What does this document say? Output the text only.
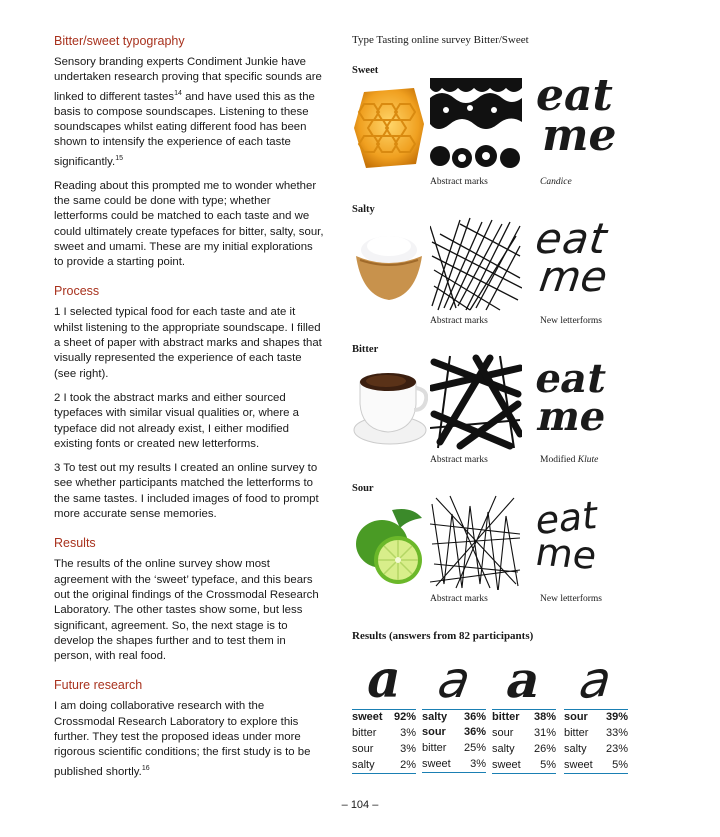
Bitter/sweet typography

Sensory branding experts Condiment Junkie have undertaken research proving that specific sounds are linked to different tastes$^{14}$ and have used this as the basis to compose soundscapes. Listening to these soundscapes whilst eating different food has been shown to intensify the experience of each taste significantly.$^{15}$

Reading about this prompted me to wonder whether the same could be done with type; whether letterforms could be matched to each taste and we could ultimately create typefaces for bitter, salty, sour, sweet and umami. These are my initial explorations to provide a starting point.

Process

1 I selected typical food for each taste and ate it whilst listening to the appropriate soundscape. I filled a sheet of paper with abstract marks and shapes that visually represented the experience of each taste (see right).

2 I took the abstract marks and either sourced typefaces with similar visual qualities or, where a typeface did not already exist, I either modified existing fonts or created new letterforms.

3 To test out my results I created an online survey to see whether participants matched the letterforms to the same tastes. I included images of food to prompt more accurate sense memories.

Results

The results of the online survey show most agreement with the ‘sweet’ typeface, and this bears out the original findings of the Crossmodal Research Laboratory. The other tastes show some, but less significant, agreement. So, the next stage is to develop the shapes further and to test them in person, with real food.

Future research

I am doing collaborative research with the Crossmodal Research Laboratory to explore this further. They test the proposed ideas under more rigorous scientific conditions; the first study is to be published shortly.$^{16}$

Type Tasting online survey Bitter/Sweet
Sweet	eat
me
Abstract marks	Candice
Salty
eat
me
Abstract marks	New letterforms
Bitter
eat
me
Abstract marks	Modified Klute
Sour
eat
me
Abstract marks	New letterforms
Results (answers from 82 participants)
a
sweet 92%
bitter 3%
sour 3%
salty 2%
a
salty 36%
sour 36%
bitter 25%
sweet 3%
a
bitter 38%
sour 31%
salty 26%
sweet 5%
a
sour 39%
bitter 33%
salty 23%
sweet 5%
– 104 –
